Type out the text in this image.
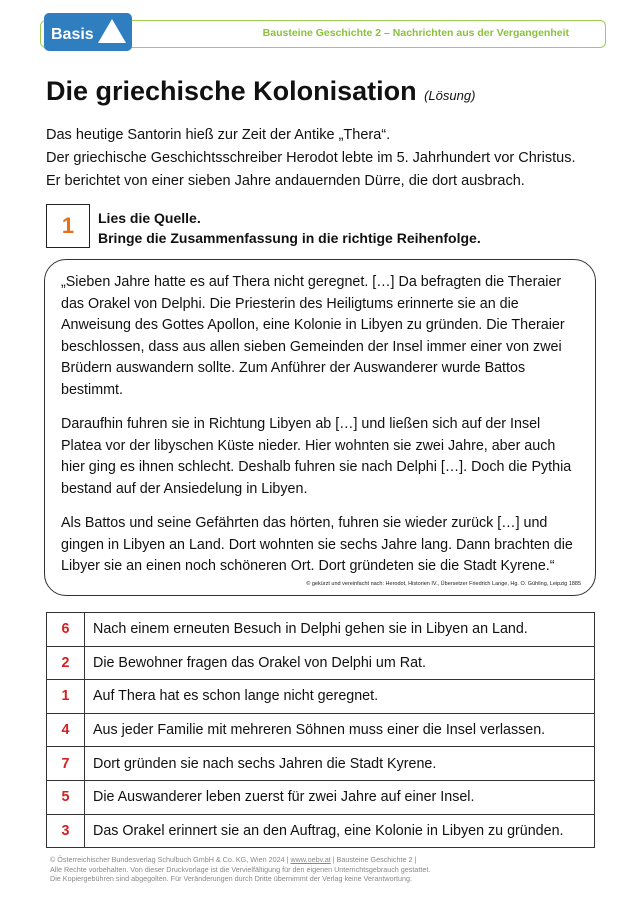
Bausteine Geschichte 2 – Nachrichten aus der Vergangenheit
Basis
Die griechische Kolonisation (Lösung)

Das heutige Santorin hieß zur Zeit der Antike „Thera“.

Der griechische Geschichtsschreiber Herodot lebte im 5. Jahrhundert vor Christus.

Er berichtet von einer sieben Jahre andauernden Dürre, die dort ausbrach.

1	Lies die Quelle.
Bringe die Zusammenfassung in die richtige Reihenfolge.

„Sieben Jahre hatte es auf Thera nicht geregnet. […] Da befragten die Theraier das Orakel von Delphi. Die Priesterin des Heiligtums erinnerte sie an die Anweisung des Gottes Apollon, eine Kolonie in Libyen zu gründen. Die Theraier beschlossen, dass aus allen sieben Gemeinden der Insel immer einer von zwei Brüdern auswandern sollte. Zum Anführer der Auswanderer wurde Battos bestimmt.

Daraufhin fuhren sie in Richtung Libyen ab […] und ließen sich auf der Insel Platea vor der libyschen Küste nieder. Hier wohnten sie zwei Jahre, aber auch hier ging es ihnen schlecht. Deshalb fuhren sie nach Delphi […]. Doch die Pythia bestand auf der Ansiedelung in Libyen.

Als Battos und seine Gefährten das hörten, fuhren sie wieder zurück […] und gingen in Libyen an Land. Dort wohnten sie sechs Jahre lang. Dann brachten die Libyer sie an einen noch schöneren Ort. Dort gründeten sie die Stadt Kyrene.“

© gekürzt und vereinfacht nach: Herodot, Historien IV., Übersetzer Friedrich Lange, Hg. O. Gühling, Leipzig 1885
6	Nach einem erneuten Besuch in Delphi gehen sie in Libyen an Land.
2	Die Bewohner fragen das Orakel von Delphi um Rat.
1	Auf Thera hat es schon lange nicht geregnet.
4	Aus jeder Familie mit mehreren Söhnen muss einer die Insel verlassen.
7	Dort gründen sie nach sechs Jahren die Stadt Kyrene.
5	Die Auswanderer leben zuerst für zwei Jahre auf einer Insel.
3	Das Orakel erinnert sie an den Auftrag, eine Kolonie in Libyen zu gründen.
© Österreichischer Bundesverlag Schulbuch GmbH & Co. KG, Wien 2024 | www.oebv.at | Bausteine Geschichte 2 |
Alle Rechte vorbehalten. Von dieser Druckvorlage ist die Vervielfältigung für den eigenen Unterrichtsgebrauch gestattet.
Die Kopiergebühren sind abgegolten. Für Veränderungen durch Dritte übernimmt der Verlag keine Verantwortung.
